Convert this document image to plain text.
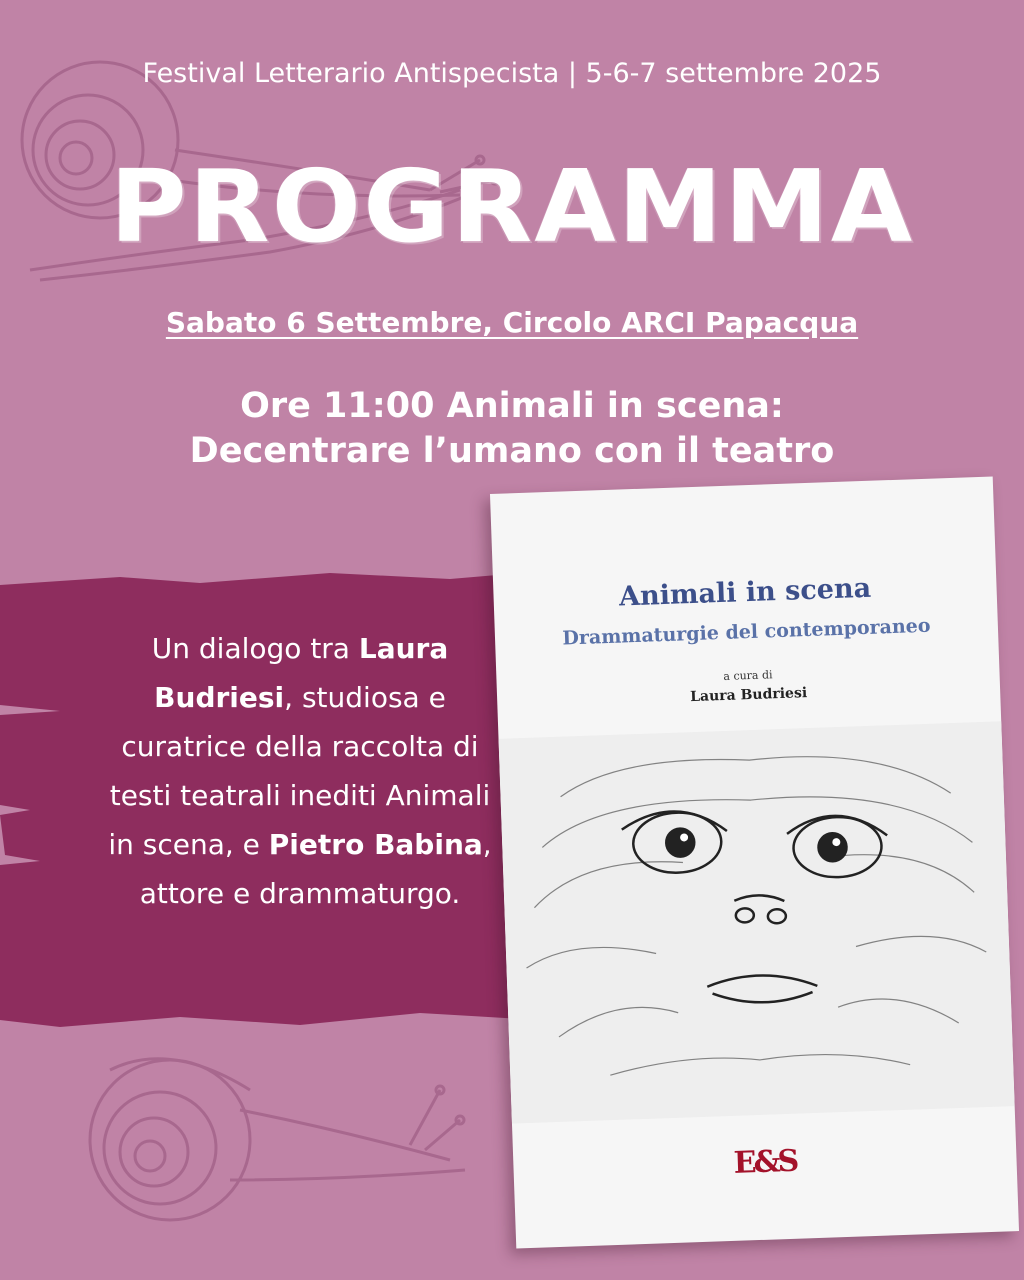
Festival Letterario Antispecista | 5-6-7 settembre 2025
PROGRAMMA
Sabato 6 Settembre, Circolo ARCI Papacqua
Ore 11:00 Animali in scena:
Decentrare l’umano con il teatro
Un dialogo tra Laura Budriesi, studiosa e curatrice della raccolta di testi teatrali inediti Animali in scena, e Pietro Babina, attore e drammaturgo.
Animali in scena
Drammaturgie del contemporaneo
a cura di
Laura Budriesi
E&S
